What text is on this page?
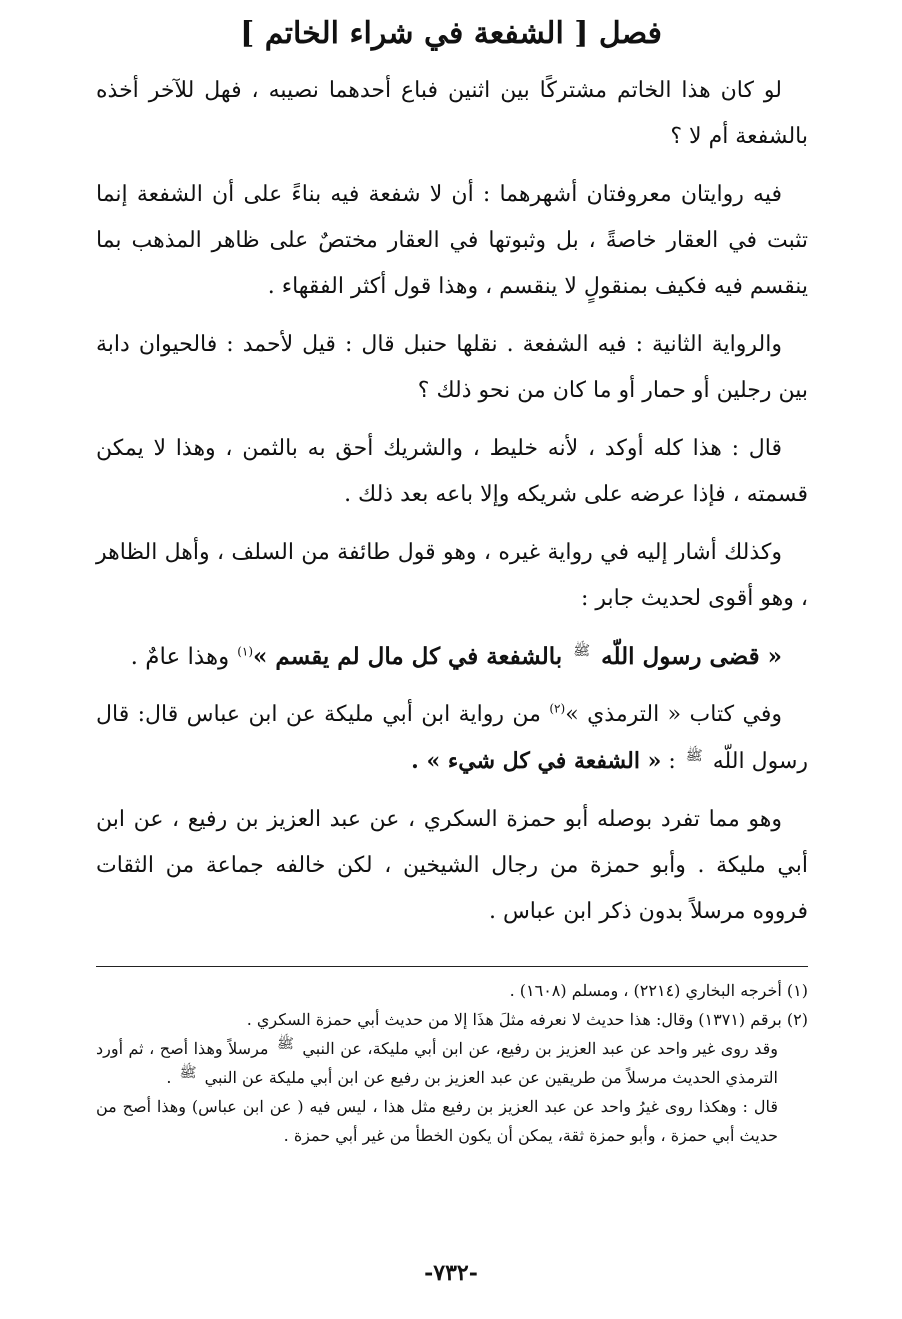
فصل [ الشفعة في شراء الخاتم ]

لو كان هذا الخاتم مشتركًا بين اثنين فباع أحدهما نصيبه ، فهل للآخر أخذه بالشفعة أم لا ؟

فيه روايتان معروفتان أشهرهما : أن لا شفعة فيه بناءً على أن الشفعة إنما تثبت في العقار خاصةً ، بل وثبوتها في العقار مختصٌ على ظاهر المذهب بما ينقسم فيه فكيف بمنقولٍ لا ينقسم ، وهذا قول أكثر الفقهاء .

والرواية الثانية : فيه الشفعة . نقلها حنبل قال : قيل لأحمد : فالحيوان دابة بين رجلين أو حمار أو ما كان من نحو ذلك ؟

قال : هذا كله أوكد ، لأنه خليط ، والشريك أحق به بالثمن ، وهذا لا يمكن قسمته ، فإذا عرضه على شريكه وإلا باعه بعد ذلك .

وكذلك أشار إليه في رواية غيره ، وهو قول طائفة من السلف ، وأهل الظاهر ، وهو أقوى لحديث جابر :

« قضى رسول اللّه $^ﷺ$ بالشفعة في كل مال لم يقسم »$^{(١)}$ وهذا عامٌ .

وفي كتاب « الترمذي »$^{(٢)}$ من رواية ابن أبي مليكة عن ابن عباس قال: قال رسول اللّه $^ﷺ$ : « الشفعة في كل شيء » .

وهو مما تفرد بوصله أبو حمزة السكري ، عن عبد العزيز بن رفيع ، عن ابن أبي مليكة . وأبو حمزة من رجال الشيخين ، لكن خالفه جماعة من الثقات فرووه مرسلاً بدون ذكر ابن عباس .

(١) أخرجه البخاري (٢٢١٤) ، ومسلم (١٦٠٨) .

(٢) برقم (١٣٧١) وقال: هذا حديث لا نعرفه مثلَ هذَا إلا من حديث أبي حمزة السكري .

وقد روى غير واحد عن عبد العزيز بن رفيع، عن ابن أبي مليكة، عن النبي ﷺ مرسلاً وهذا أصح ، ثم أورد الترمذي الحديث مرسلاً من طريقين عن عبد العزيز بن رفيع عن ابن أبي مليكة عن النبي ﷺ .

قال : وهكذا روى غيرُ واحد عن عبد العزيز بن رفيع مثل هذا ، ليس فيه ( عن ابن عباس) وهذا أصح من حديث أبي حمزة ، وأبو حمزة ثقة، يمكن أن يكون الخطأ من غير أبي حمزة .

-٧٣٢-
